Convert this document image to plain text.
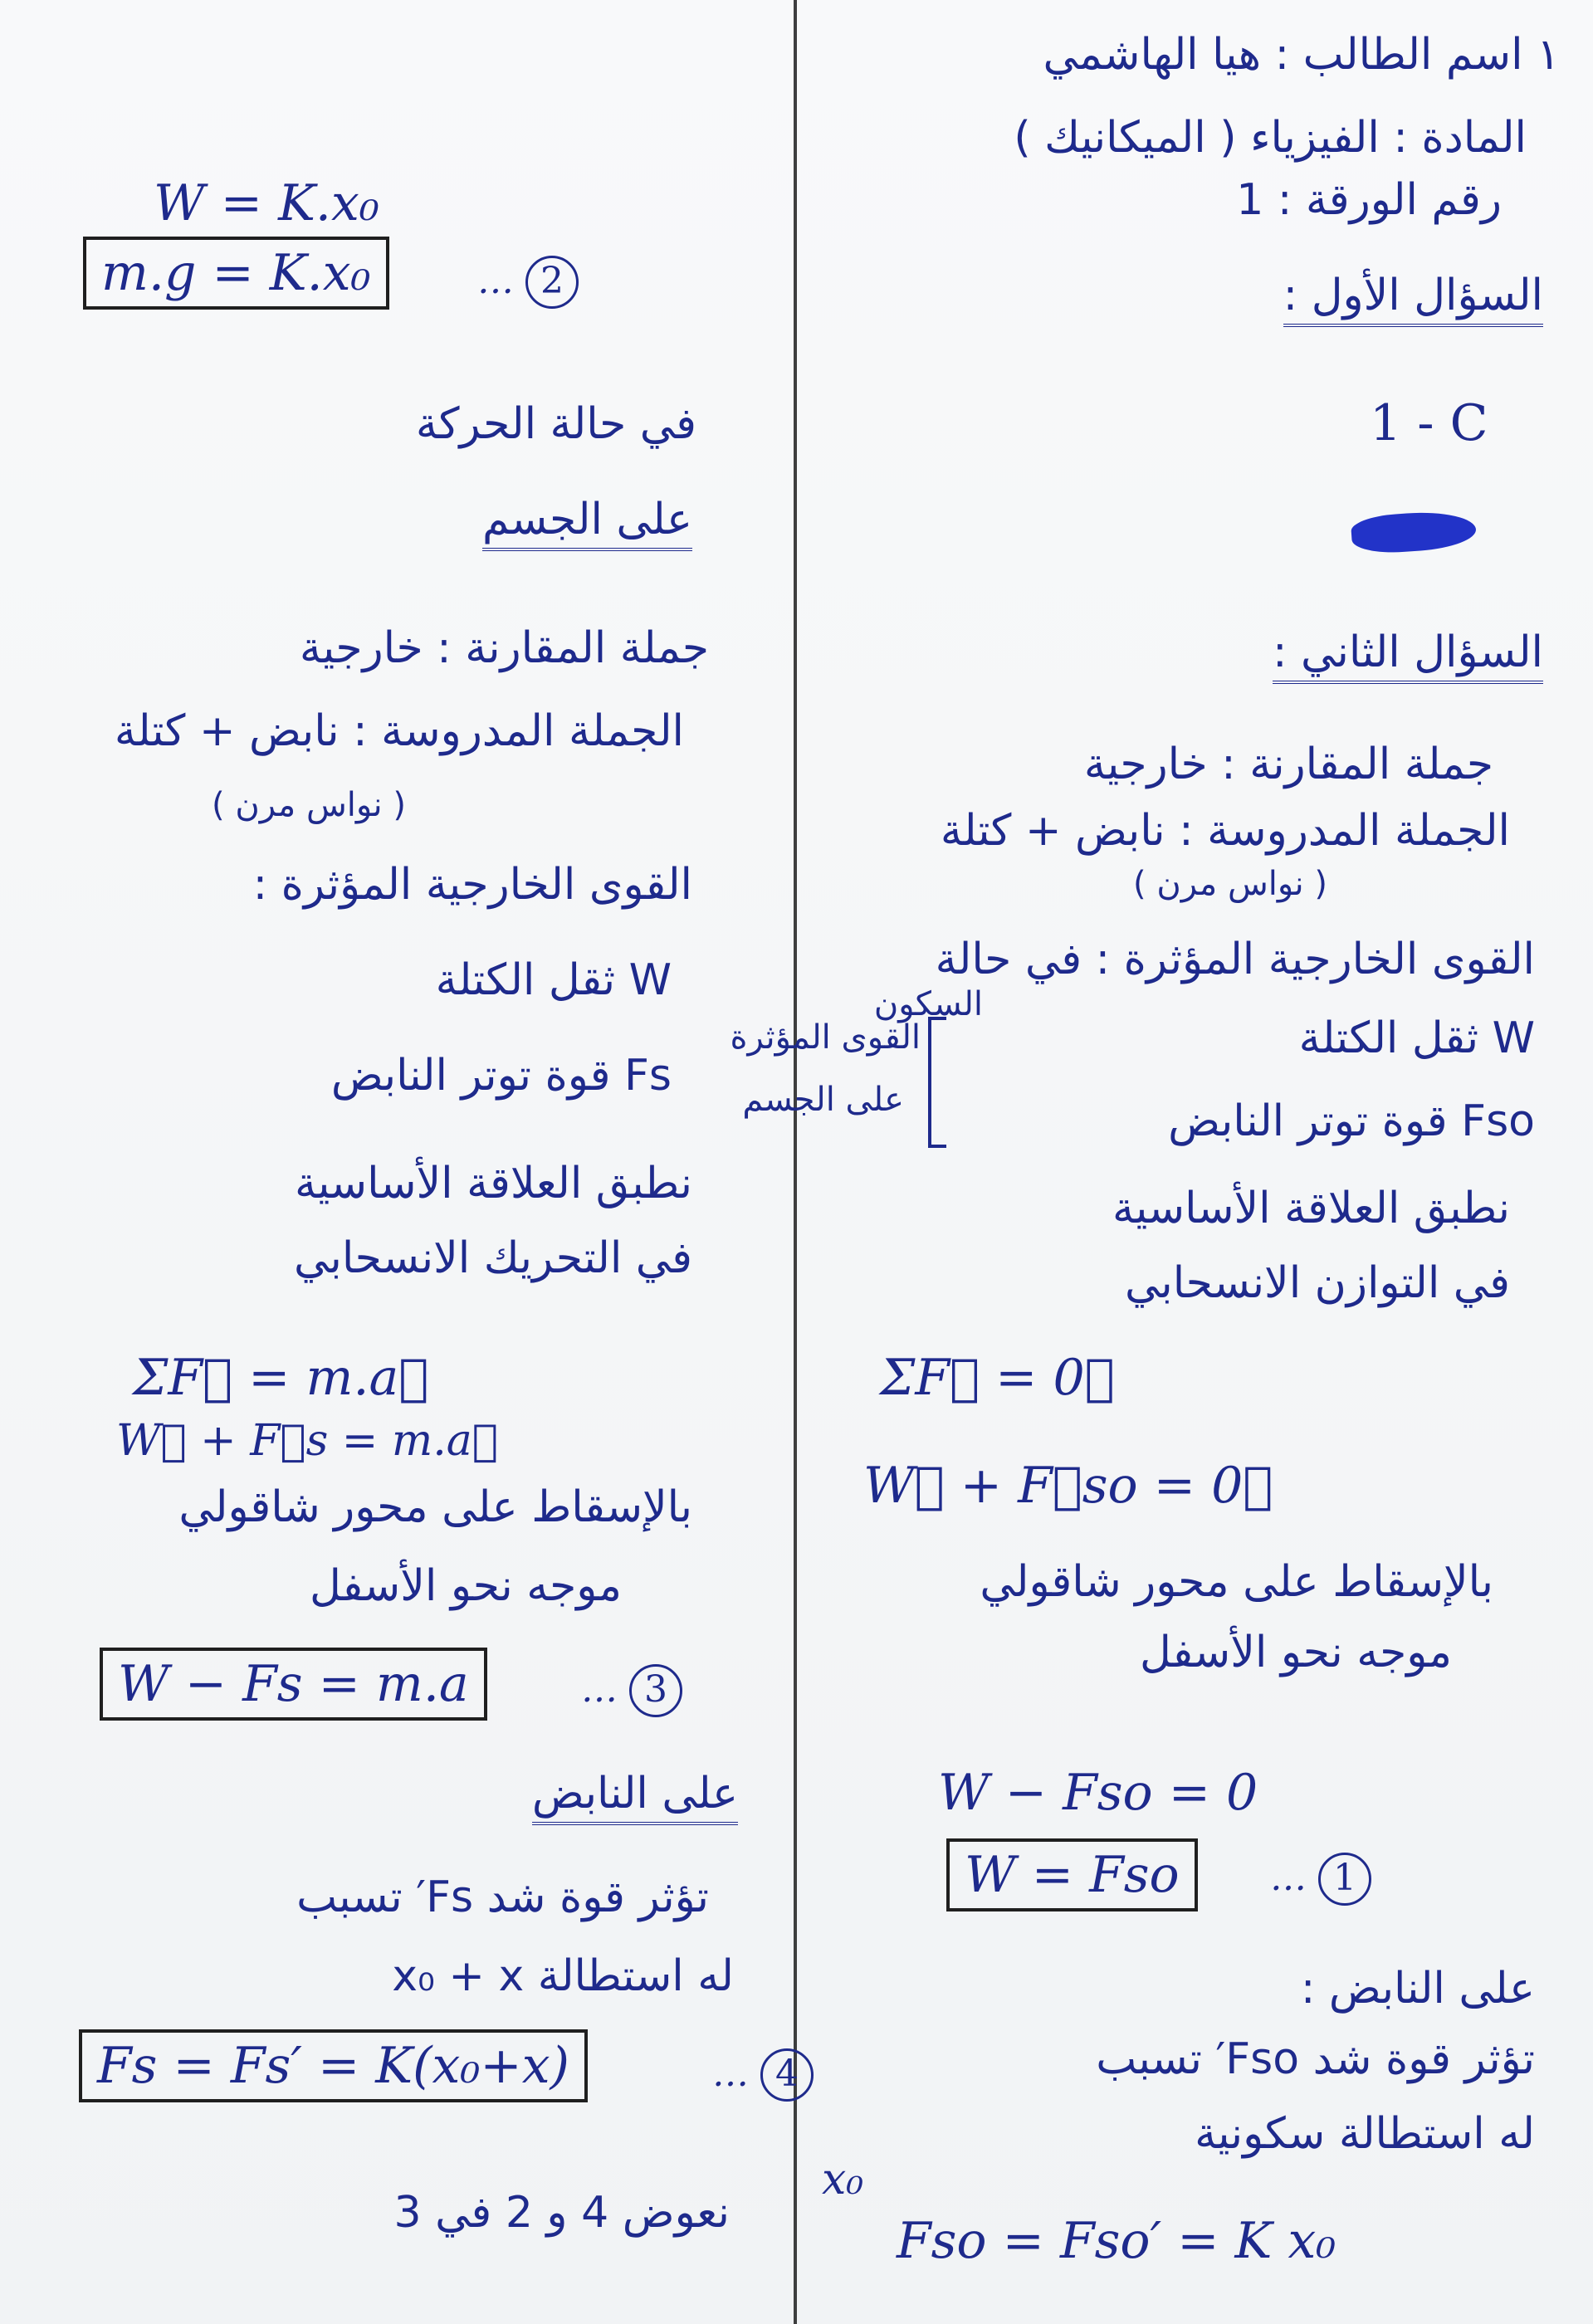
١ اسم الطالب : هيا الهاشمي
المادة : الفيزياء ( الميكانيك )
رقم الورقة : 1
السؤال الأول :
1 - C
السؤال الثاني :
جملة المقارنة : خارجية
الجملة المدروسة : نابض + كتلة
( نواس مرن )
القوى الخارجية المؤثرة : في حالة
السكون
W ثقل الكتلة
Fso قوة توتر النابض
القوى المؤثرة
على الجسم
نطبق العلاقة الأساسية
في التوازن الانسحابي
ΣF⃗ = 0⃗
W⃗ + F⃗so = 0⃗
بالإسقاط على محور شاقولي
موجه نحو الأسفل
W − Fso = 0
W = Fso	… 1
على النابض :
تؤثر قوة شد Fso′ تسبب
له استطالة سكونية
x₀
Fso = Fso′ = K x₀
W = K.x₀
m.g = K.x₀	… 2
في حالة الحركة
على الجسم
جملة المقارنة : خارجية
الجملة المدروسة : نابض + كتلة
( نواس مرن )
القوى الخارجية المؤثرة :
W ثقل الكتلة
Fs قوة توتر النابض
نطبق العلاقة الأساسية
في التحريك الانسحابي
ΣF⃗ = m.a⃗
W⃗ + F⃗s = m.a⃗
بالإسقاط على محور شاقولي
موجه نحو الأسفل
W − Fs = m.a	… 3
على النابض
تؤثر قوة شد Fs′ تسبب
له استطالة x₀ + x
Fs = Fs′ = K(x₀+x)	… 4
نعوض 4 و 2 في 3
